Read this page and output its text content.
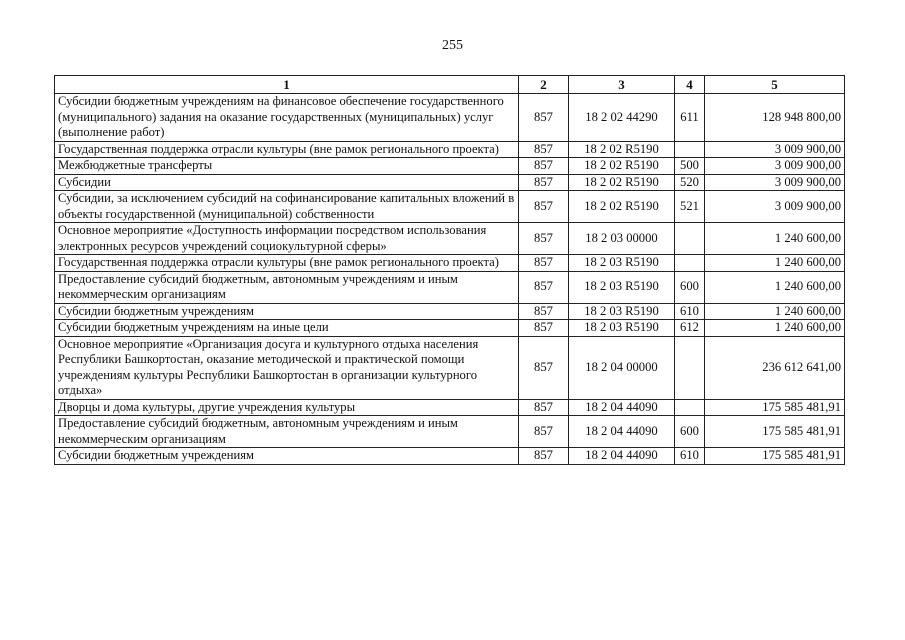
255
1	2	3	4	5
Субсидии бюджетным учреждениям на финансовое обеспечение государственного (муниципального) задания на оказание государственных (муниципальных) услуг (выполнение работ)	857	18 2 02 44290	611	128 948 800,00
Государственная поддержка отрасли культуры (вне рамок регионального проекта)	857	18 2 02 R5190		3 009 900,00
Межбюджетные трансферты	857	18 2 02 R5190	500	3 009 900,00
Субсидии	857	18 2 02 R5190	520	3 009 900,00
Субсидии, за исключением субсидий на софинансирование капитальных вложений в объекты государственной (муниципальной) собственности	857	18 2 02 R5190	521	3 009 900,00
Основное мероприятие «Доступность информации посредством использования электронных ресурсов учреждений социокультурной сферы»	857	18 2 03 00000		1 240 600,00
Государственная поддержка отрасли культуры (вне рамок регионального проекта)	857	18 2 03 R5190		1 240 600,00
Предоставление субсидий бюджетным, автономным учреждениям и иным некоммерческим организациям	857	18 2 03 R5190	600	1 240 600,00
Субсидии бюджетным учреждениям	857	18 2 03 R5190	610	1 240 600,00
Субсидии бюджетным учреждениям на иные цели	857	18 2 03 R5190	612	1 240 600,00
Основное мероприятие «Организация досуга и культурного отдыха населения Республики Башкортостан, оказание методической и практической помощи учреждениям культуры Республики Башкортостан в организации культурного отдыха»	857	18 2 04 00000		236 612 641,00
Дворцы и дома культуры, другие учреждения культуры	857	18 2 04 44090		175 585 481,91
Предоставление субсидий бюджетным, автономным учреждениям и иным некоммерческим организациям	857	18 2 04 44090	600	175 585 481,91
Субсидии бюджетным учреждениям	857	18 2 04 44090	610	175 585 481,91
